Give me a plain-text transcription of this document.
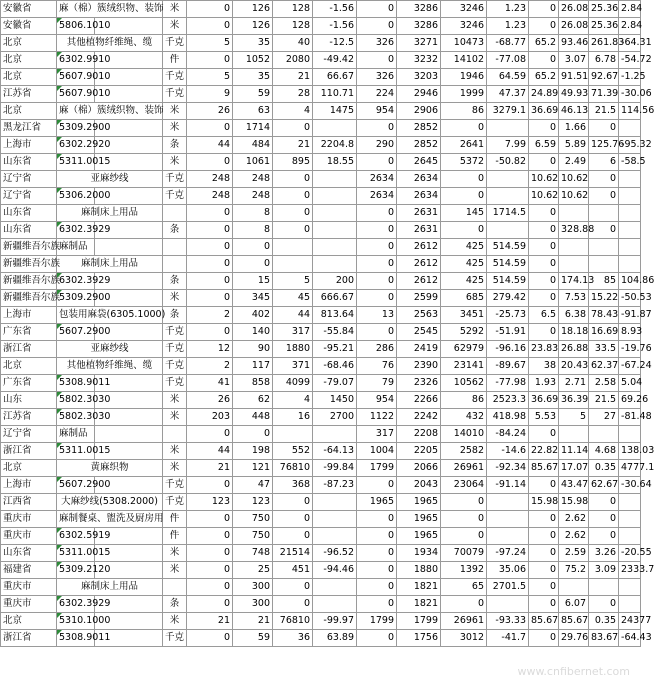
安徽省	麻（棉）簇绒织物、装饰		米	0	126	128	-1.56	0	3286	3246	1.23	0	26.08	25.36	2.84
安徽省	5806.1010		米	0	126	128	-1.56	0	3286	3246	1.23	0	26.08	25.36	2.84
北京	其他植物纤维绳、缆		千克	5	35	40	-12.5	326	3271	10473	-68.77	65.2	93.46	261.83	-64.31
北京	6302.9910		件	0	1052	2080	-49.42	0	3232	14102	-77.08	0	3.07	6.78	-54.72
北京	5607.9010		千克	5	35	21	66.67	326	3203	1946	64.59	65.2	91.51	92.67	-1.25
江苏省	5607.9010		千克	9	59	28	110.71	224	2946	1999	47.37	24.89	49.93	71.39	-30.06
北京	麻（棉）簇绒织物、装饰		米	26	63	4	1475	954	2906	86	3279.1	36.69	46.13	21.5	114.56
黑龙江省	5309.2900		米	0	1714	0		0	2852	0		0	1.66	0	
上海市	6302.2920		条	44	484	21	2204.8	290	2852	2641	7.99	6.59	5.89	125.76	-95.32
山东省	5311.0015		米	0	1061	895	18.55	0	2645	5372	-50.82	0	2.49	6	-58.5
辽宁省	亚麻纱线		千克	248	248	0		2634	2634	0		10.62	10.62	0	
辽宁省	5306.2000		千克	248	248	0		2634	2634	0		10.62	10.62	0	
山东省	麻制床上用品			0	8	0		0	2631	145	1714.5	0			
山东省	6302.3929		条	0	8	0		0	2631	0		0	328.88	0	
新疆维吾尔族	麻制品			0	0			0	2612	425	514.59	0			
新疆维吾尔族	麻制床上用品			0	0			0	2612	425	514.59	0			
新疆维吾尔族	6302.3929		条	0	15	5	200	0	2612	425	514.59	0	174.13	85	104.86
新疆维吾尔族	5309.2900		米	0	345	45	666.67	0	2599	685	279.42	0	7.53	15.22	-50.53
上海市	包装用麻袋(6305.1000)		条	2	402	44	813.64	13	2563	3451	-25.73	6.5	6.38	78.43	-91.87
广东省	5607.2900		千克	0	140	317	-55.84	0	2545	5292	-51.91	0	18.18	16.69	8.93
浙江省	亚麻纱线		千克	12	90	1880	-95.21	286	2419	62979	-96.16	23.83	26.88	33.5	-19.76
北京	其他植物纤维绳、缆		千克	2	117	371	-68.46	76	2390	23141	-89.67	38	20.43	62.37	-67.24
广东省	5308.9011		千克	41	858	4099	-79.07	79	2326	10562	-77.98	1.93	2.71	2.58	5.04
山东	5802.3030		米	26	62	4	1450	954	2266	86	2523.3	36.69	36.39	21.5	69.26
江苏省	5802.3030		米	203	448	16	2700	1122	2242	432	418.98	5.53	5	27	-81.48
辽宁省	麻制品			0	0			317	2208	14010	-84.24	0			
浙江省	5311.0015		米	44	198	552	-64.13	1004	2205	2582	-14.6	22.82	11.14	4.68	138.03
北京	黄麻织物		米	21	121	76810	-99.84	1799	2066	26961	-92.34	85.67	17.07	0.35	4777.1
上海市	5607.2900		千克	0	47	368	-87.23	0	2043	23064	-91.14	0	43.47	62.67	-30.64
江西省	大麻纱线(5308.2000)		千克	123	123	0		1965	1965	0		15.98	15.98	0	
重庆市	麻制餐桌、盥洗及厨房用		件	0	750	0		0	1965	0		0	2.62	0	
重庆市	6302.5919		件	0	750	0		0	1965	0		0	2.62	0	
山东省	5311.0015		米	0	748	21514	-96.52	0	1934	70079	-97.24	0	2.59	3.26	-20.55
福建省	5309.2120		米	0	25	451	-94.46	0	1880	1392	35.06	0	75.2	3.09	2333.7
重庆市	麻制床上用品			0	300	0		0	1821	65	2701.5	0			
重庆市	6302.3929		条	0	300	0		0	1821	0		0	6.07	0	
北京	5310.1000		米	21	21	76810	-99.97	1799	1799	26961	-93.33	85.67	85.67	0.35	24377
浙江省	5308.9011		千克	0	59	36	63.89	0	1756	3012	-41.7	0	29.76	83.67	-64.43
www.cnfibernet.com
